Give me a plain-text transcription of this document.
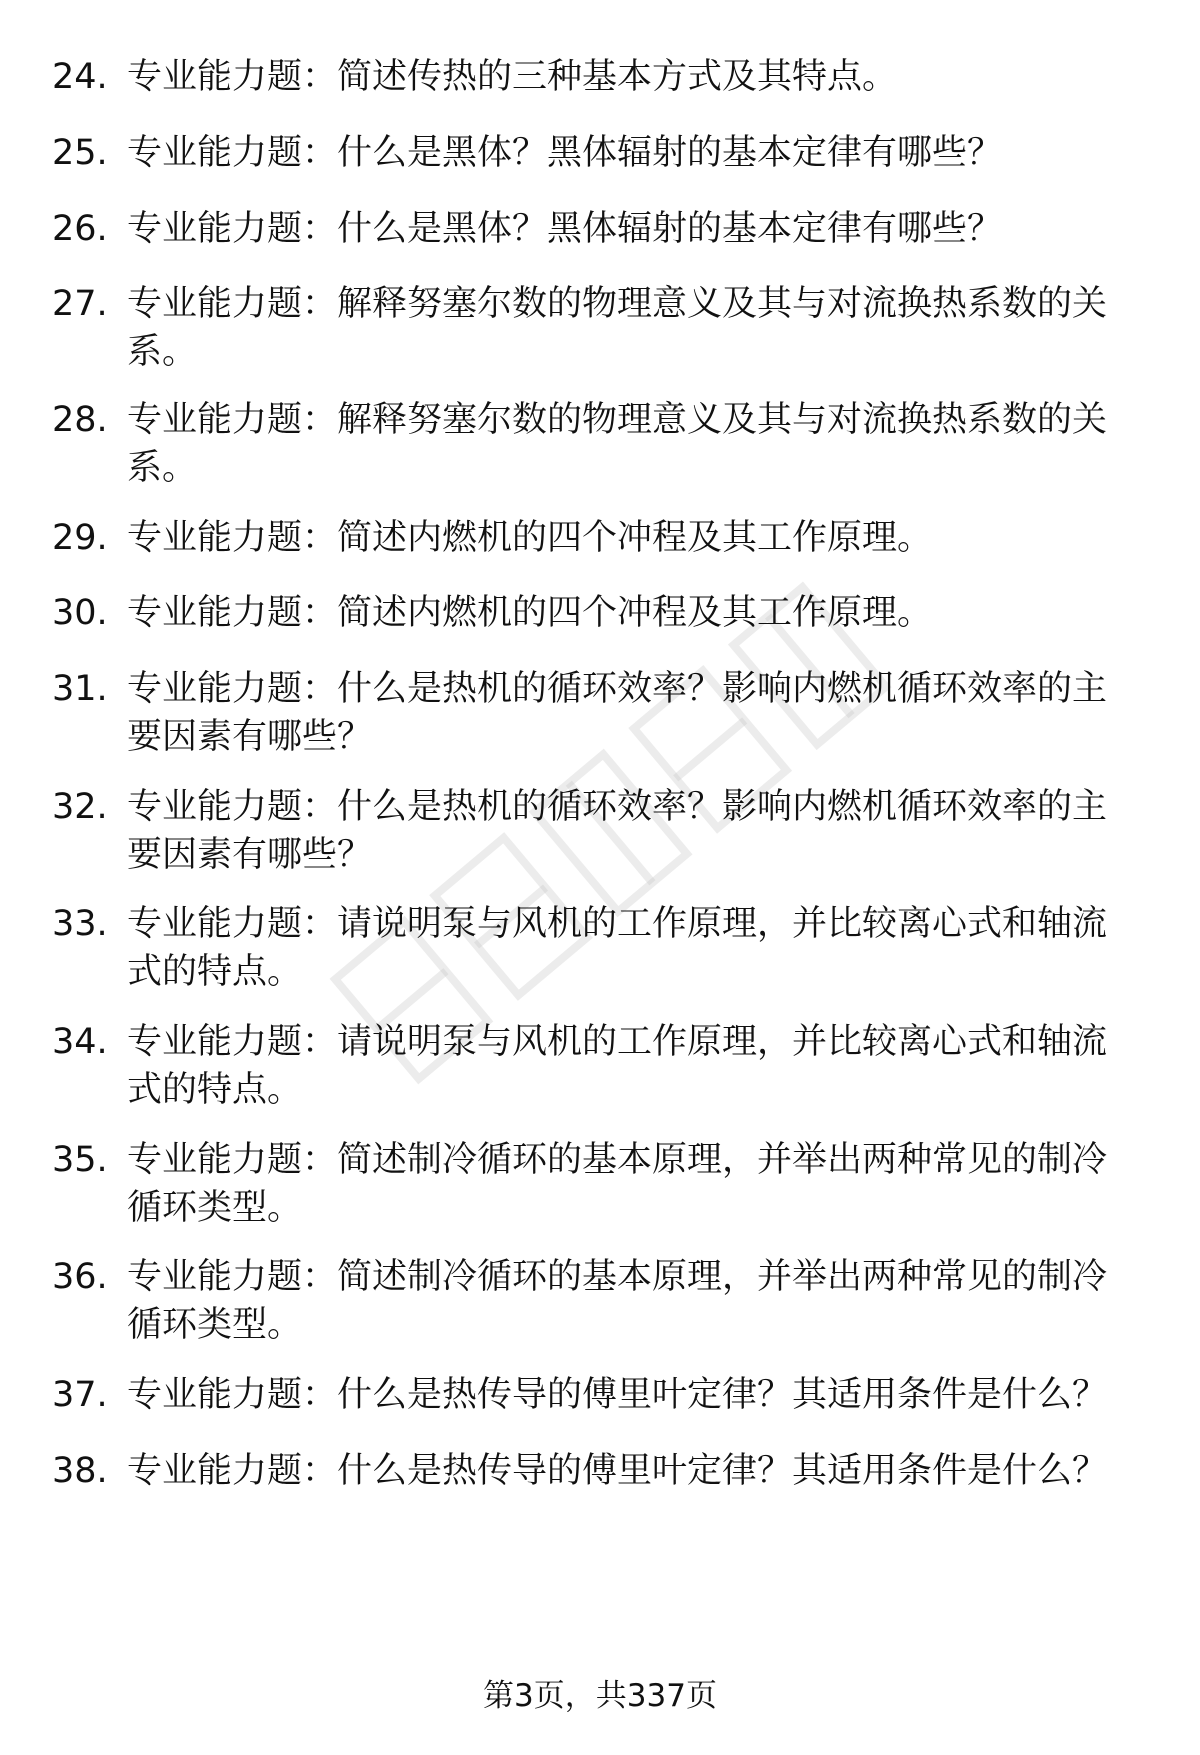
24. 专业能力题：简述传热的三种基本方式及其特点。
25. 专业能力题：什么是黑体？黑体辐射的基本定律有哪些？
26. 专业能力题：什么是黑体？黑体辐射的基本定律有哪些？
27. 专业能力题：解释努塞尔数的物理意义及其与对流换热系数的关
系。
28. 专业能力题：解释努塞尔数的物理意义及其与对流换热系数的关
系。
29. 专业能力题：简述内燃机的四个冲程及其工作原理。
30. 专业能力题：简述内燃机的四个冲程及其工作原理。
31. 专业能力题：什么是热机的循环效率？影响内燃机循环效率的主
要因素有哪些？
32. 专业能力题：什么是热机的循环效率？影响内燃机循环效率的主
要因素有哪些？
33. 专业能力题：请说明泵与风机的工作原理，并比较离心式和轴流
式的特点。
34. 专业能力题：请说明泵与风机的工作原理，并比较离心式和轴流
式的特点。
35. 专业能力题：简述制冷循环的基本原理，并举出两种常见的制冷
循环类型。
36. 专业能力题：简述制冷循环的基本原理，并举出两种常见的制冷
循环类型。
37. 专业能力题：什么是热传导的傅里叶定律？其适用条件是什么？
38. 专业能力题：什么是热传导的傅里叶定律？其适用条件是什么？
第3页，共337页
